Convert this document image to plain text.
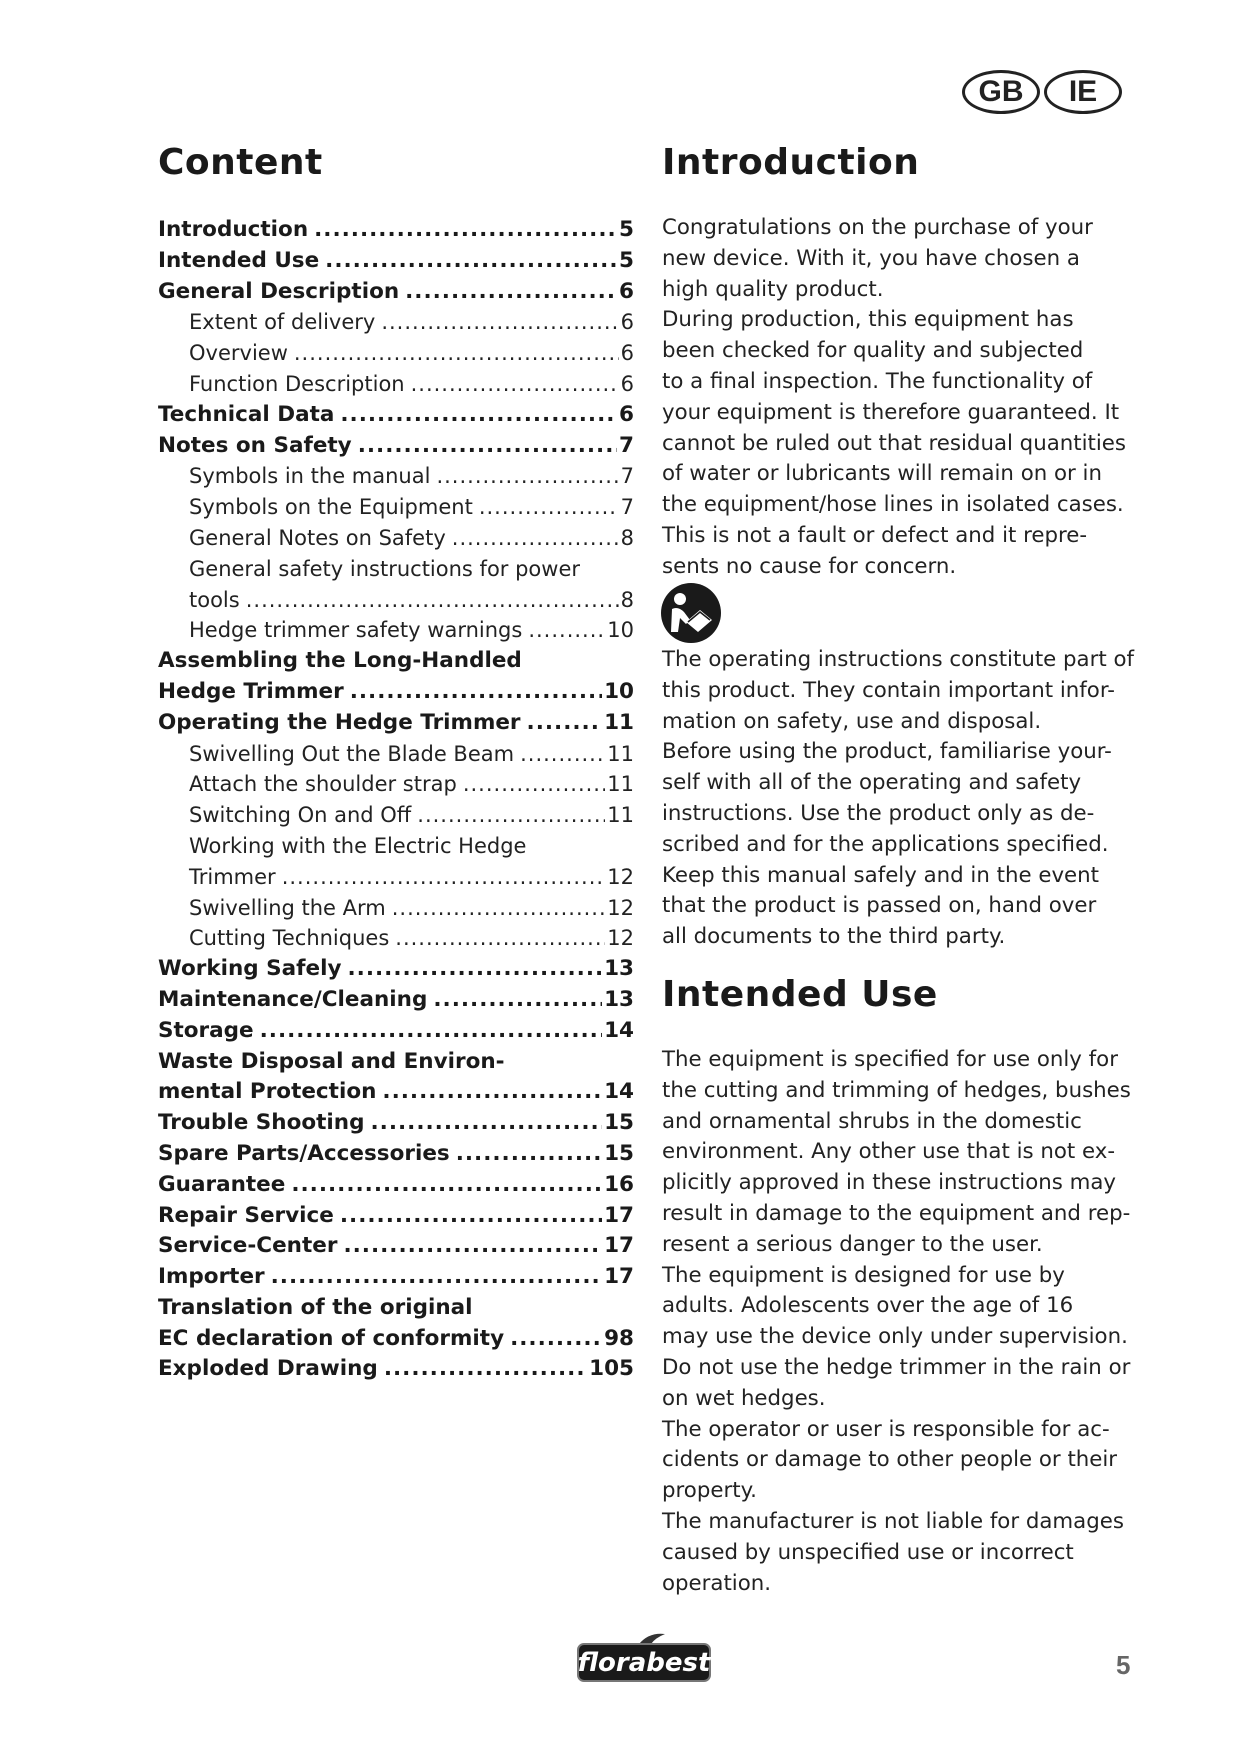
GB	IE
Content
Introduction .....	5
Intended Use .....	5
General Description .....	6
Extent of delivery .....	6
Overview .....	6
Function Description .....	6
Technical Data .....	6
Notes on Safety .....	7
Symbols in the manual .....	7
Symbols on the Equipment .....	7
General Notes on Safety .....	8
General safety instructions for power
tools .....	8
Hedge trimmer safety warnings .....	10
Assembling the Long-Handled
Hedge Trimmer .....	10
Operating the Hedge Trimmer .....	11
Swivelling Out the Blade Beam .....	11
Attach the shoulder strap .....	11
Switching On and Off .....	11
Working with the Electric Hedge
Trimmer .....	12
Swivelling the Arm .....	12
Cutting Techniques .....	12
Working Safely .....	13
Maintenance/Cleaning .....	13
Storage .....	14
Waste Disposal and Environ-
mental Protection .....	14
Trouble Shooting .....	15
Spare Parts/Accessories .....	15
Guarantee .....	16
Repair Service .....	17
Service-Center .....	17
Importer .....	17
Translation of the original
EC declaration of conformity .....	98
Exploded Drawing .....	105
Introduction
Congratulations on the purchase of your
new device. With it, you have chosen a
high quality product.
During production, this equipment has
been checked for quality and subjected
to a final inspection. The functionality of
your equipment is therefore guaranteed. It
cannot be ruled out that residual quantities
of water or lubricants will remain on or in
the equipment/hose lines in isolated cases.
This is not a fault or defect and it repre-
sents no cause for concern.
The operating instructions constitute part of
this product. They contain important infor-
mation on safety, use and disposal.
Before using the product, familiarise your-
self with all of the operating and safety
instructions. Use the product only as de-
scribed and for the applications specified.
Keep this manual safely and in the event
that the product is passed on, hand over
all documents to the third party.
Intended Use
The equipment is specified for use only for
the cutting and trimming of hedges, bushes
and ornamental shrubs in the domestic
environment. Any other use that is not ex-
plicitly approved in these instructions may
result in damage to the equipment and rep-
resent a serious danger to the user.
The equipment is designed for use by
adults. Adolescents over the age of 16
may use the device only under supervision.
Do not use the hedge trimmer in the rain or
on wet hedges.
The operator or user is responsible for ac-
cidents or damage to other people or their
property.
The manufacturer is not liable for damages
caused by unspecified use or incorrect
operation.
florabest	5
